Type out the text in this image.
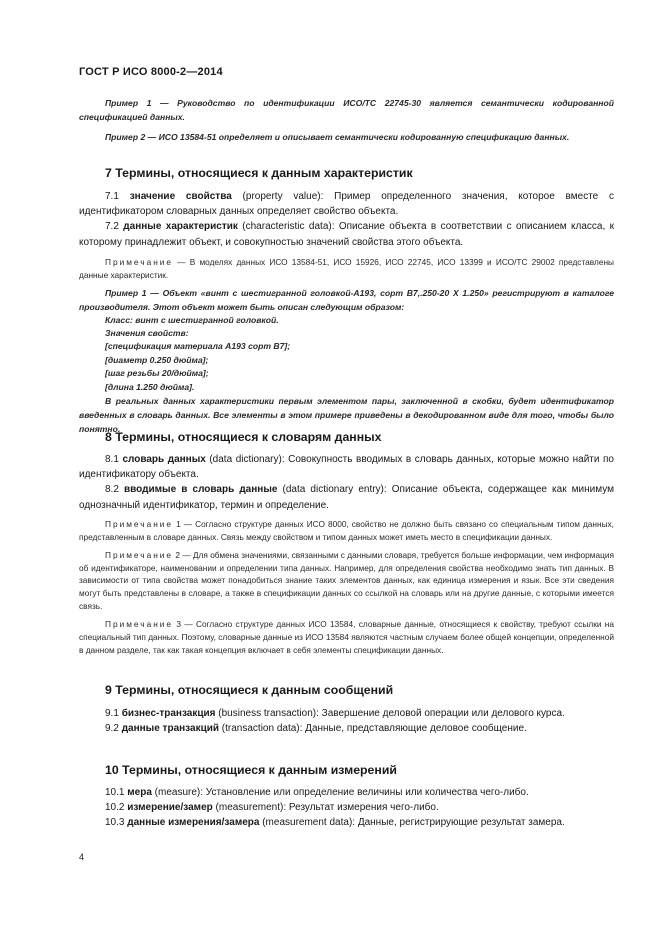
ГОСТ Р ИСО 8000-2—2014

Пример 1 — Руководство по идентификации ИСО/ТС 22745-30 является семантически кодированной спецификацией данных.

Пример 2 — ИСО 13584-51 определяет и описывает семантически кодированную спецификацию данных.

7 Термины, относящиеся к данным характеристик

7.1 значение свойства (property value): Пример определенного значения, которое вместе с идентификатором словарных данных определяет свойство объекта.

7.2 данные характеристик (characteristic data): Описание объекта в соответствии с описанием класса, к которому принадлежит объект, и совокупностью значений свойства этого объекта.

Примечание — В моделях данных ИСО 13584-51, ИСО 15926, ИСО 22745, ИСО 13399 и ИСО/ТС 29002 представлены данные характеристик.

Пример 1 — Объект «винт с шестигранной головкой-А193, сорт В7,.250-20 Х 1.250» регистрируют в каталоге производителя. Этот объект может быть описан следующим образом:

Класс: винт с шестигранной головкой.

Значения свойств:

[спецификация материала А193 сорт В7];

[диаметр 0.250 дюйма];

[шаг резьбы 20/дюйма];

[длина 1.250 дюйма].

В реальных данных характеристики первым элементом пары, заключенной в скобки, будет идентификатор введенных в словарь данных. Все элементы в этом примере приведены в декодированном виде для того, чтобы было понятно.

8 Термины, относящиеся к словарям данных

8.1 словарь данных (data dictionary): Совокупность вводимых в словарь данных, которые можно найти по идентификатору объекта.

8.2 вводимые в словарь данные (data dictionary entry): Описание объекта, содержащее как минимум однозначный идентификатор, термин и определение.

Примечание 1 — Согласно структуре данных ИСО 8000, свойство не должно быть связано со специальным типом данных, представленным в словаре данных. Связь между свойством и типом данных может иметь место в спецификации данных.

Примечание 2 — Для обмена значениями, связанными с данными словаря, требуется больше информации, чем информация об идентификаторе, наименовании и определении типа данных. Например, для определения свойства необходимо знать тип данных. В зависимости от типа свойства может понадобиться знание таких элементов данных, как единица измерения и язык. Все эти сведения могут быть представлены в словаре, а также в спецификации данных со ссылкой на словарь или на другие данные, с которыми имеется связь.

Примечание 3 — Согласно структуре данных ИСО 13584, словарные данные, относящиеся к свойству, требуют ссылки на специальный тип данных. Поэтому, словарные данные из ИСО 13584 являются частным случаем более общей концепции, определенной в данном разделе, так как такая концепция включает в себя элементы спецификации данных.

9 Термины, относящиеся к данным сообщений

9.1 бизнес-транзакция (business transaction): Завершение деловой операции или делового курса.

9.2 данные транзакций (transaction data): Данные, представляющие деловое сообщение.

10 Термины, относящиеся к данным измерений

10.1 мера (measure): Установление или определение величины или количества чего-либо.

10.2 измерение/замер (measurement): Результат измерения чего-либо.

10.3 данные измерения/замера (measurement data): Данные, регистрирующие результат замера.

4
